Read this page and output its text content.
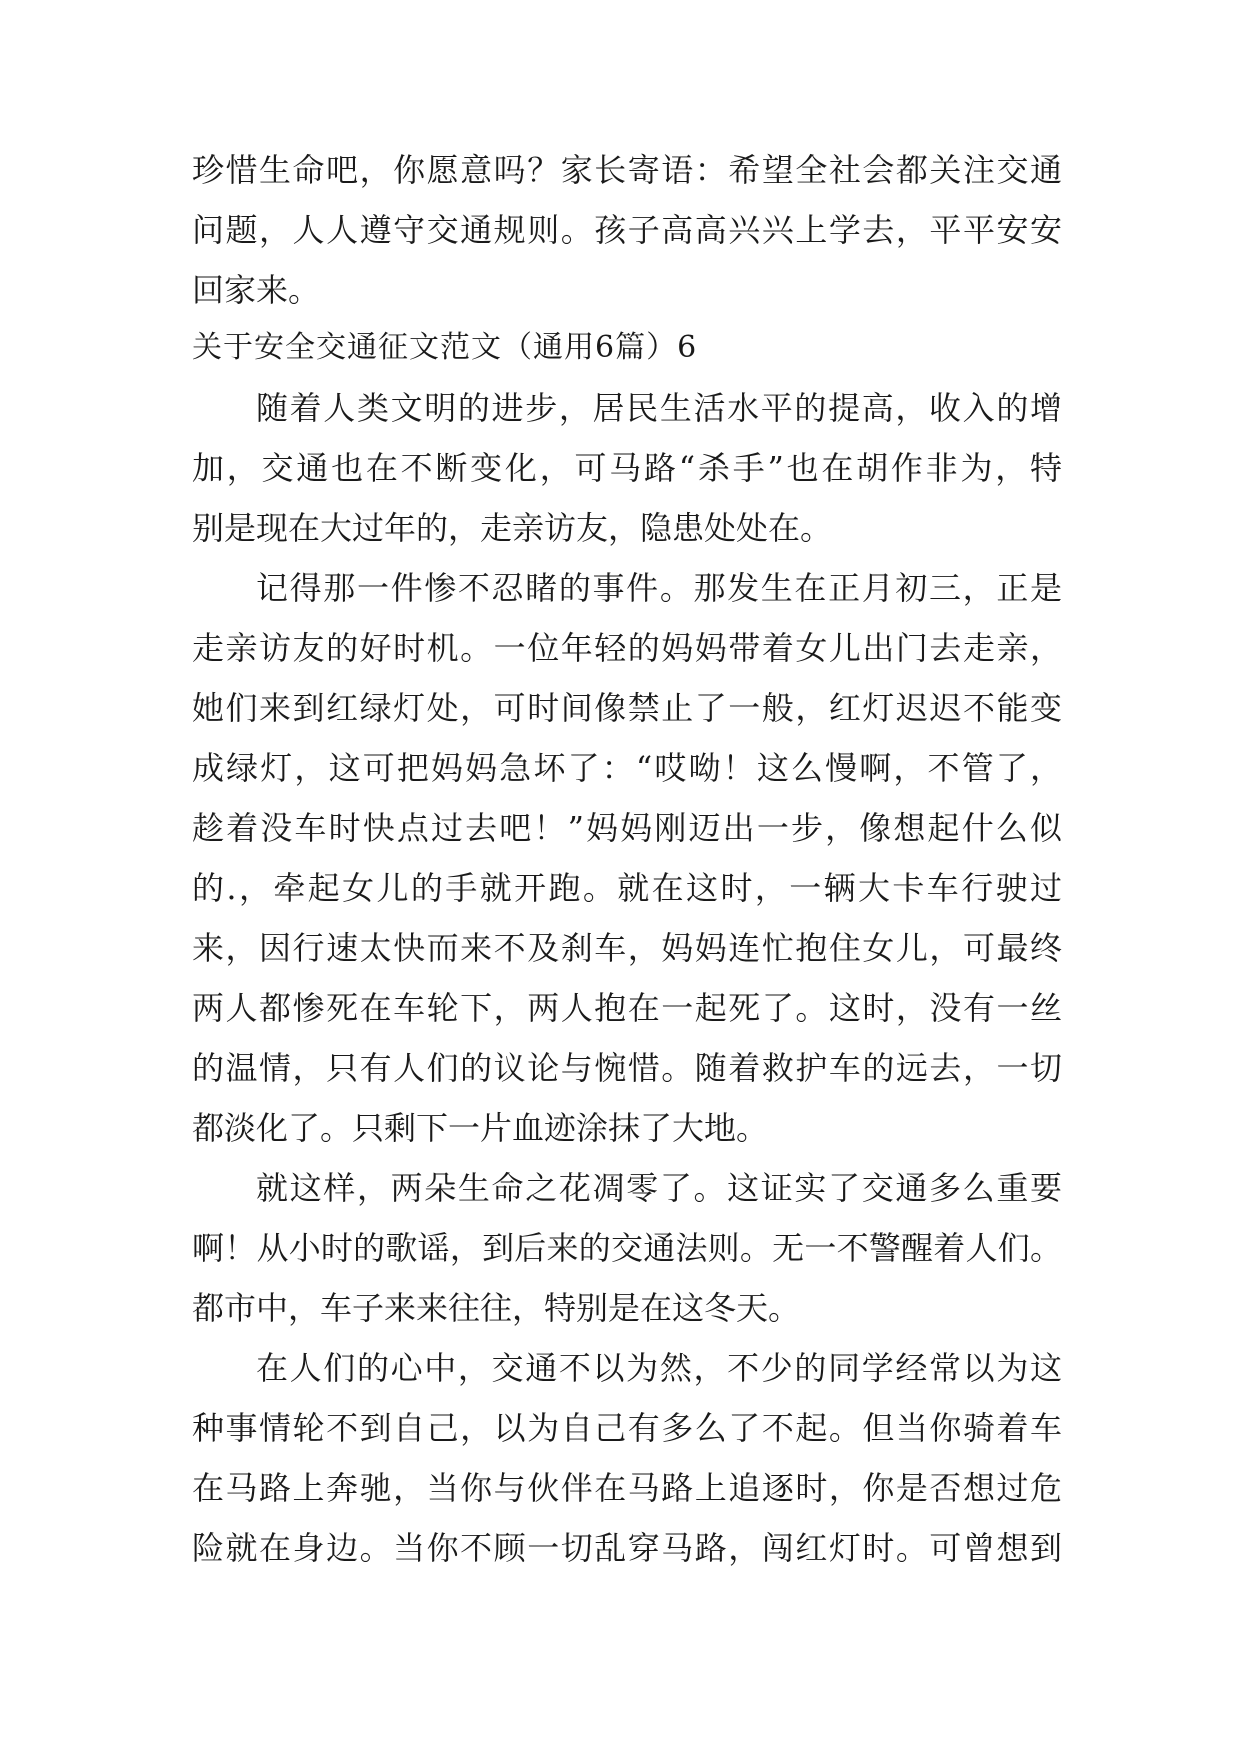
珍惜生命吧，你愿意吗？家长寄语：希望全社会都关注交通
问题，人人遵守交通规则。孩子高高兴兴上学去，平平安安
回家来。
关于安全交通征文范文（通用6篇）6
随着人类文明的进步，居民生活水平的提高，收入的增
加，交通也在不断变化，可马路“杀手”也在胡作非为，特
别是现在大过年的，走亲访友，隐患处处在。
记得那一件惨不忍睹的事件。那发生在正月初三，正是
走亲访友的好时机。一位年轻的妈妈带着女儿出门去走亲，
她们来到红绿灯处，可时间像禁止了一般，红灯迟迟不能变
成绿灯，这可把妈妈急坏了：“哎呦！这么慢啊，不管了，
趁着没车时快点过去吧！”妈妈刚迈出一步，像想起什么似
的.，牵起女儿的手就开跑。就在这时，一辆大卡车行驶过
来，因行速太快而来不及刹车，妈妈连忙抱住女儿，可最终
两人都惨死在车轮下，两人抱在一起死了。这时，没有一丝
的温情，只有人们的议论与惋惜。随着救护车的远去，一切
都淡化了。只剩下一片血迹涂抹了大地。
就这样，两朵生命之花凋零了。这证实了交通多么重要
啊！从小时的歌谣，到后来的交通法则。无一不警醒着人们。
都市中，车子来来往往，特别是在这冬天。
在人们的心中，交通不以为然，不少的同学经常以为这
种事情轮不到自己，以为自己有多么了不起。但当你骑着车
在马路上奔驰，当你与伙伴在马路上追逐时，你是否想过危
险就在身边。当你不顾一切乱穿马路，闯红灯时。可曾想到
